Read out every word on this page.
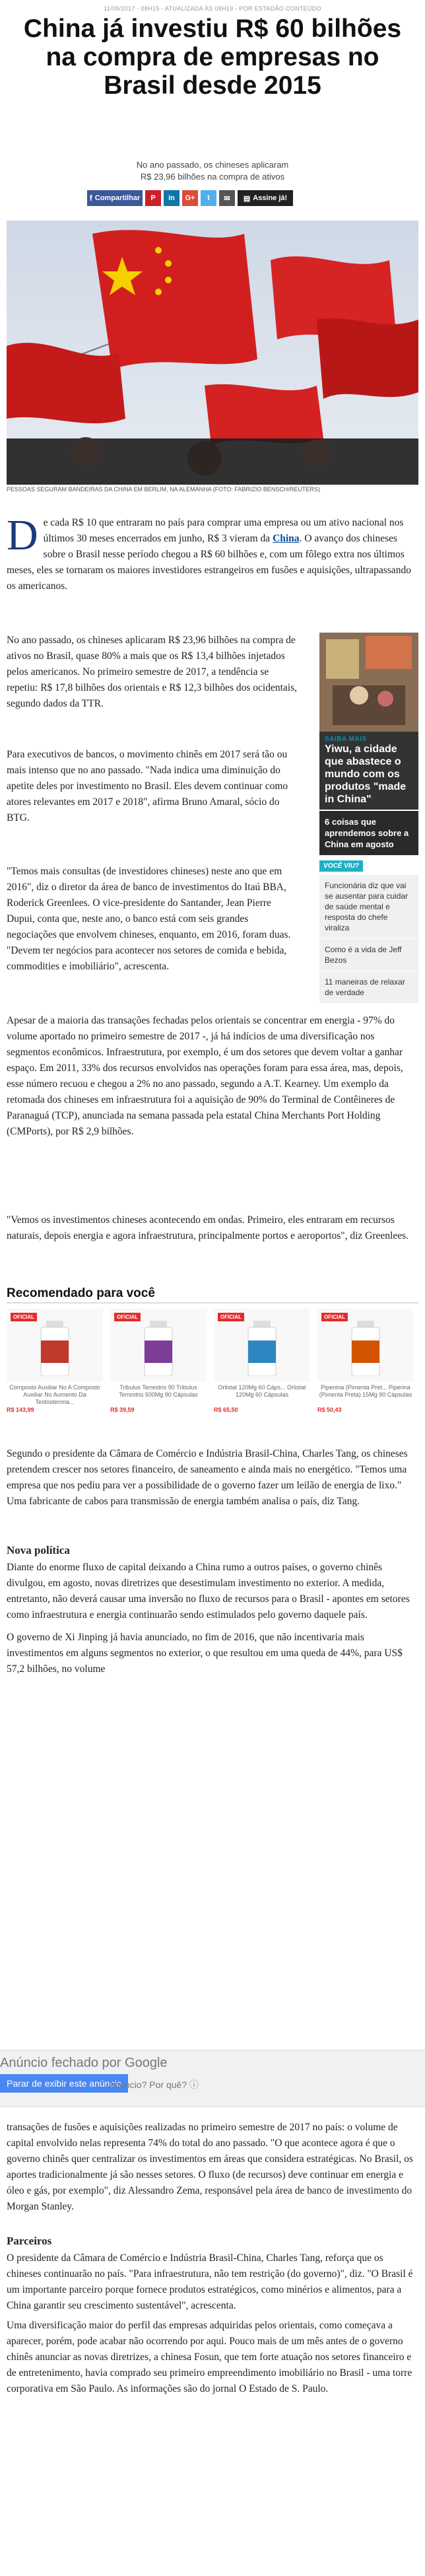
11/09/2017 - 08H15 - ATUALIZADA ÀS 08H19 - POR ESTADÃO CONTEÚDO
China já investiu R$ 60 bilhões na compra de empresas no Brasil desde 2015
No ano passado, os chineses aplicaram
R$ 23,96 bilhões na compra de ativos
f Compartilhar P in G+ t ✉ ▤ Assine já!
PESSOAS SEGURAM BANDEIRAS DA CHINA EM BERLIM, NA ALEMANHA (FOTO: FABRIZIO BENSCH/REUTERS)

De cada R$ 10 que entraram no país para comprar uma empresa ou um ativo nacional nos últimos 30 meses encerrados em junho, R$ 3 vieram da China. O avanço dos chineses sobre o Brasil nesse período chegou a R$ 60 bilhões e, com um fôlego extra nos últimos meses, eles se tornaram os maiores investidores estrangeiros em fusões e aquisições, ultrapassando os americanos.

No ano passado, os chineses aplicaram R$ 23,96 bilhões na compra de ativos no Brasil, quase 80% a mais que os R$ 13,4 bilhões injetados pelos americanos. No primeiro semestre de 2017, a tendência se repetiu: R$ 17,8 bilhões dos orientais e R$ 12,3 bilhões dos ocidentais, segundo dados da TTR.

Para executivos de bancos, o movimento chinês em 2017 será tão ou mais intenso que no ano passado. "Nada indica uma diminuição do apetite deles por investimento no Brasil. Eles devem continuar como atores relevantes em 2017 e 2018", afirma Bruno Amaral, sócio do BTG.

"Temos mais consultas (de investidores chineses) neste ano que em 2016", diz o diretor da área de banco de investimentos do Itaú BBA, Roderick Greenlees. O vice-presidente do Santander, Jean Pierre Dupui, conta que, neste ano, o banco está com seis grandes negociações que envolvem chineses, enquanto, em 2016, foram duas. "Devem ter negócios para acontecer nos setores de comida e bebida, commodities e imobiliário", acrescenta.

SAIBA MAIS
Yiwu, a cidade que abastece o mundo com os produtos "made in China"
6 coisas que aprendemos sobre a China em agosto
VOCÊ VIU?
Funcionária diz que vai se ausentar para cuidar de saúde mental e resposta do chefe viraliza
Como é a vida de Jeff Bezos
11 maneiras de relaxar de verdade

Apesar de a maioria das transações fechadas pelos orientais se concentrar em energia - 97% do volume aportado no primeiro semestre de 2017 -, já há indícios de uma diversificação nos segmentos econômicos. Infraestrutura, por exemplo, é um dos setores que devem voltar a ganhar espaço. Em 2011, 33% dos recursos envolvidos nas operações foram para essa área, mas, depois, esse número recuou e chegou a 2% no ano passado, segundo a A.T. Kearney. Um exemplo da retomada dos chineses em infraestrutura foi a aquisição de 90% do Terminal de Contêineres de Paranaguá (TCP), anunciada na semana passada pela estatal China Merchants Port Holding (CMPorts), por R$ 2,9 bilhões.

"Vemos os investimentos chineses acontecendo em ondas. Primeiro, eles entraram em recursos naturais, depois energia e agora infraestrutura, principalmente portos e aeroportos", diz Greenlees.

Recomendado para você
OFICIAL
Composto Auxiliar No A Composto Auxiliar No Aumento Da Testosterona...
R$ 143,99
OFICIAL
Tribulus Terrestris 90 Tribulus Terrestris 500Mg 90 Cápsulas
R$ 39,59
OFICIAL
Orlistat 120Mg 60 Cáps... Orlistat 120Mg 60 Cápsulas
R$ 65,50
OFICIAL
Pipenina (Pimenta Pret... Piperina (Pimenta Preta) 15Mg 90 Cápsulas
R$ 50,43

Segundo o presidente da Câmara de Comércio e Indústria Brasil-China, Charles Tang, os chineses pretendem crescer nos setores financeiro, de saneamento e ainda mais no energético. "Temos uma empresa que nos pediu para ver a possibilidade de o governo fazer um leilão de energia de lixo." Uma fabricante de cabos para transmissão de energia também analisa o país, diz Tang.

Nova política

Diante do enorme fluxo de capital deixando a China rumo a outros países, o governo chinês divulgou, em agosto, novas diretrizes que desestimulam investimento no exterior. A medida, entretanto, não deverá causar uma inversão no fluxo de recursos para o Brasil - apontes em setores como infraestrutura e energia continuarão sendo estimulados pelo governo daquele país.

O governo de Xi Jinping já havia anunciado, no fim de 2016, que não incentivaria mais investimentos em alguns segmentos no exterior, o que resultou em uma queda de 44%, para US$ 57,2 bilhões, no volume

Anúncio fechado por Google
Parar de exibir este anúncio
Anúncio? Por quê? ⓘ

transações de fusões e aquisições realizadas no primeiro semestre de 2017 no país: o volume de capital envolvido nelas representa 74% do total do ano passado. "O que acontece agora é que o governo chinês quer centralizar os investimentos em áreas que considera estratégicas. No Brasil, os aportes tradicionalmente já são nesses setores. O fluxo (de recursos) deve continuar em energia e óleo e gás, por exemplo", diz Alessandro Zema, responsável pela área de banco de investimento do Morgan Stanley.

Parceiros

O presidente da Câmara de Comércio e Indústria Brasil-China, Charles Tang, reforça que os chineses continuarão no país. "Para infraestrutura, não tem restrição (do governo)", diz. "O Brasil é um importante parceiro porque fornece produtos estratégicos, como minérios e alimentos, para a China garantir seu crescimento sustentável", acrescenta.

Uma diversificação maior do perfil das empresas adquiridas pelos orientais, como começava a aparecer, porém, pode acabar não ocorrendo por aqui. Pouco mais de um mês antes de o governo chinês anunciar as novas diretrizes, a chinesa Fosun, que tem forte atuação nos setores financeiro e de entretenimento, havia comprado seu primeiro empreendimento imobiliário no Brasil - uma torre corporativa em São Paulo. As informações são do jornal O Estado de S. Paulo.
